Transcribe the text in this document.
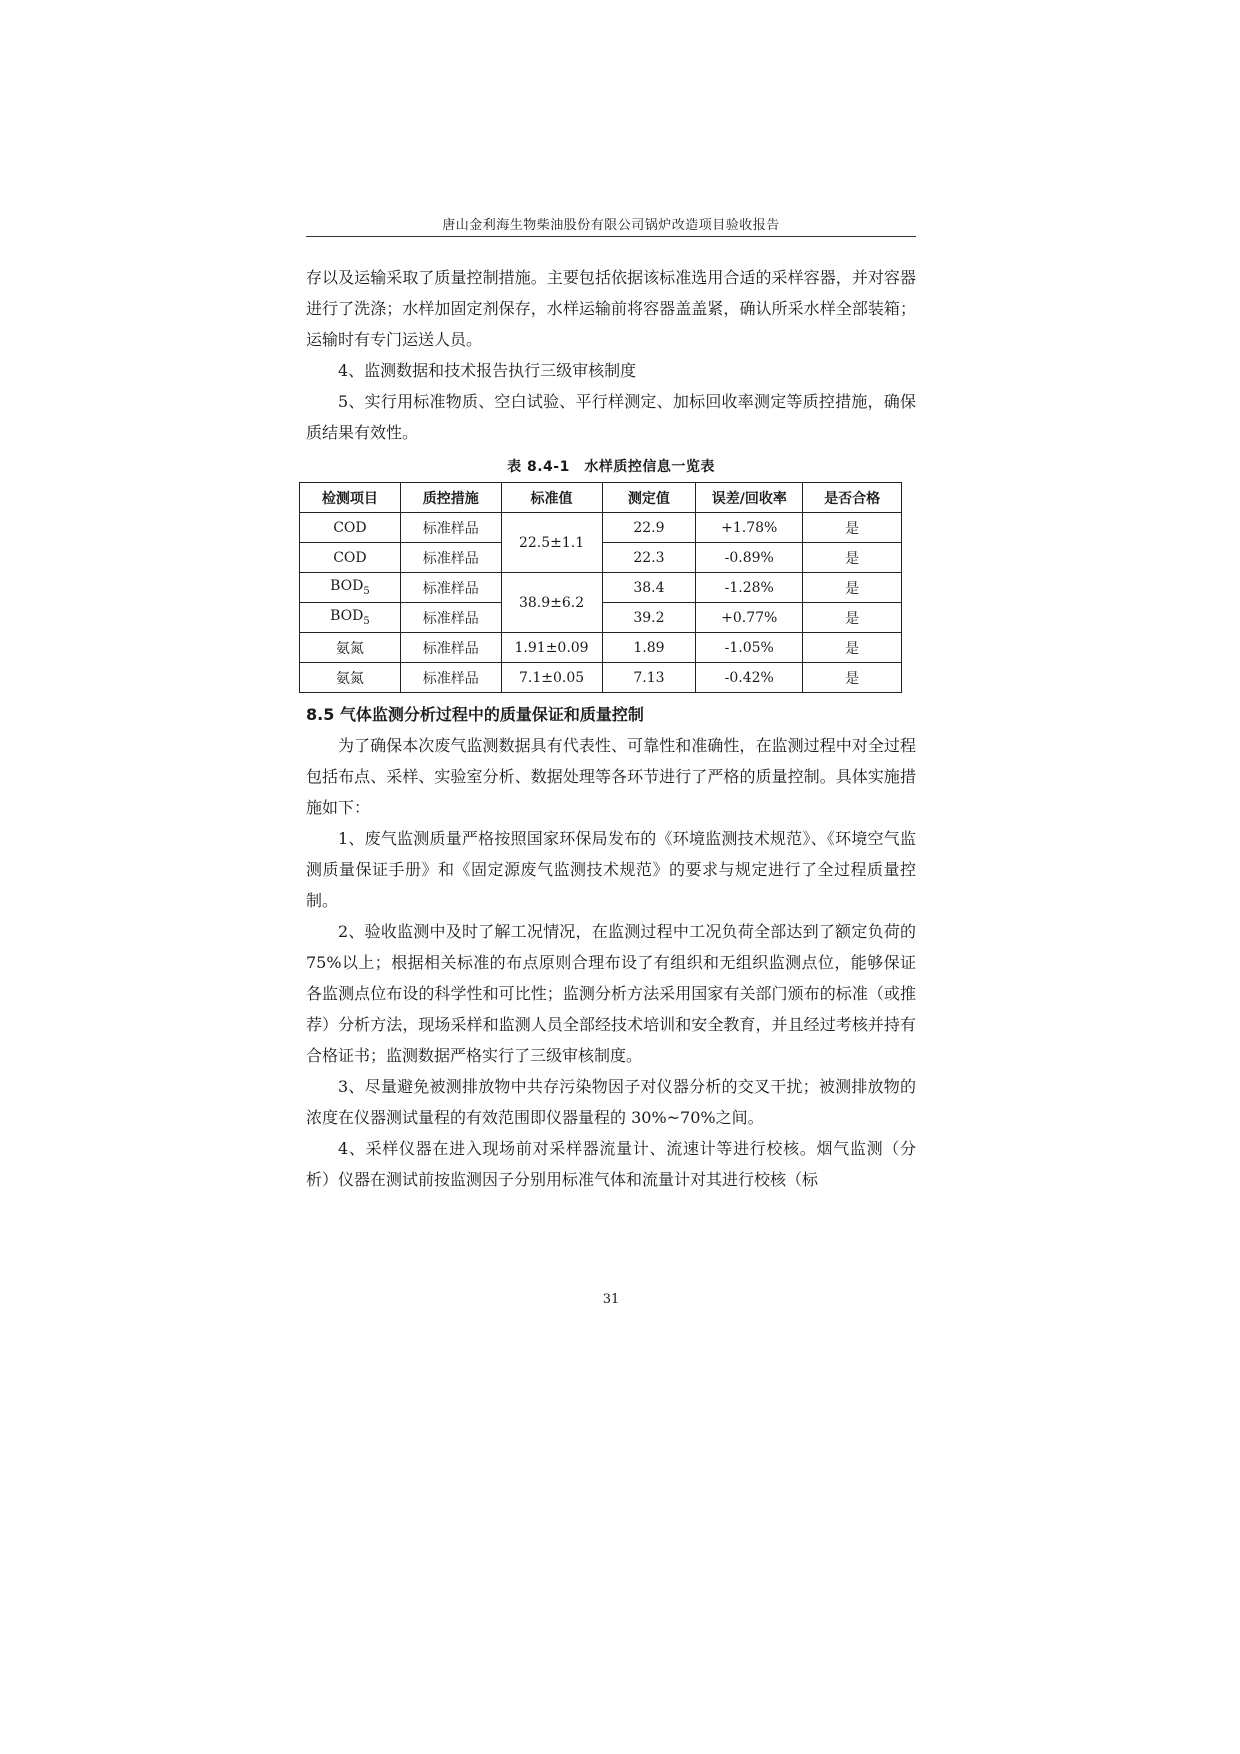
唐山金利海生物柴油股份有限公司锅炉改造项目验收报告

存以及运输采取了质量控制措施。主要包括依据该标准选用合适的采样容器，并对容器进行了洗涤；水样加固定剂保存，水样运输前将容器盖盖紧，确认所采水样全部装箱；运输时有专门运送人员。

4、监测数据和技术报告执行三级审核制度

5、实行用标准物质、空白试验、平行样测定、加标回收率测定等质控措施，确保质结果有效性。

表 8.4-1　水样质控信息一览表
检测项目	质控措施	标准值	测定值	误差/回收率	是否合格
COD	标准样品	22.5±1.1	22.9	+1.78%	是
COD	标准样品		22.3	-0.89%	是
$BOD_5$	标准样品	38.9±6.2	38.4	-1.28%	是
$BOD_5$	标准样品		39.2	+0.77%	是
氨氮	标准样品	1.91±0.09	1.89	-1.05%	是
氨氮	标准样品	7.1±0.05	7.13	-0.42%	是
8.5 气体监测分析过程中的质量保证和质量控制

为了确保本次废气监测数据具有代表性、可靠性和准确性，在监测过程中对全过程包括布点、采样、实验室分析、数据处理等各环节进行了严格的质量控制。具体实施措施如下：

1、废气监测质量严格按照国家环保局发布的《环境监测技术规范》、《环境空气监测质量保证手册》和《固定源废气监测技术规范》的要求与规定进行了全过程质量控制。

2、验收监测中及时了解工况情况，在监测过程中工况负荷全部达到了额定负荷的 75%以上；根据相关标准的布点原则合理布设了有组织和无组织监测点位，能够保证各监测点位布设的科学性和可比性；监测分析方法采用国家有关部门颁布的标准（或推荐）分析方法，现场采样和监测人员全部经技术培训和安全教育，并且经过考核并持有合格证书；监测数据严格实行了三级审核制度。

3、尽量避免被测排放物中共存污染物因子对仪器分析的交叉干扰；被测排放物的浓度在仪器测试量程的有效范围即仪器量程的 30%~70%之间。

4、采样仪器在进入现场前对采样器流量计、流速计等进行校核。烟气监测（分析）仪器在测试前按监测因子分别用标准气体和流量计对其进行校核（标

31
